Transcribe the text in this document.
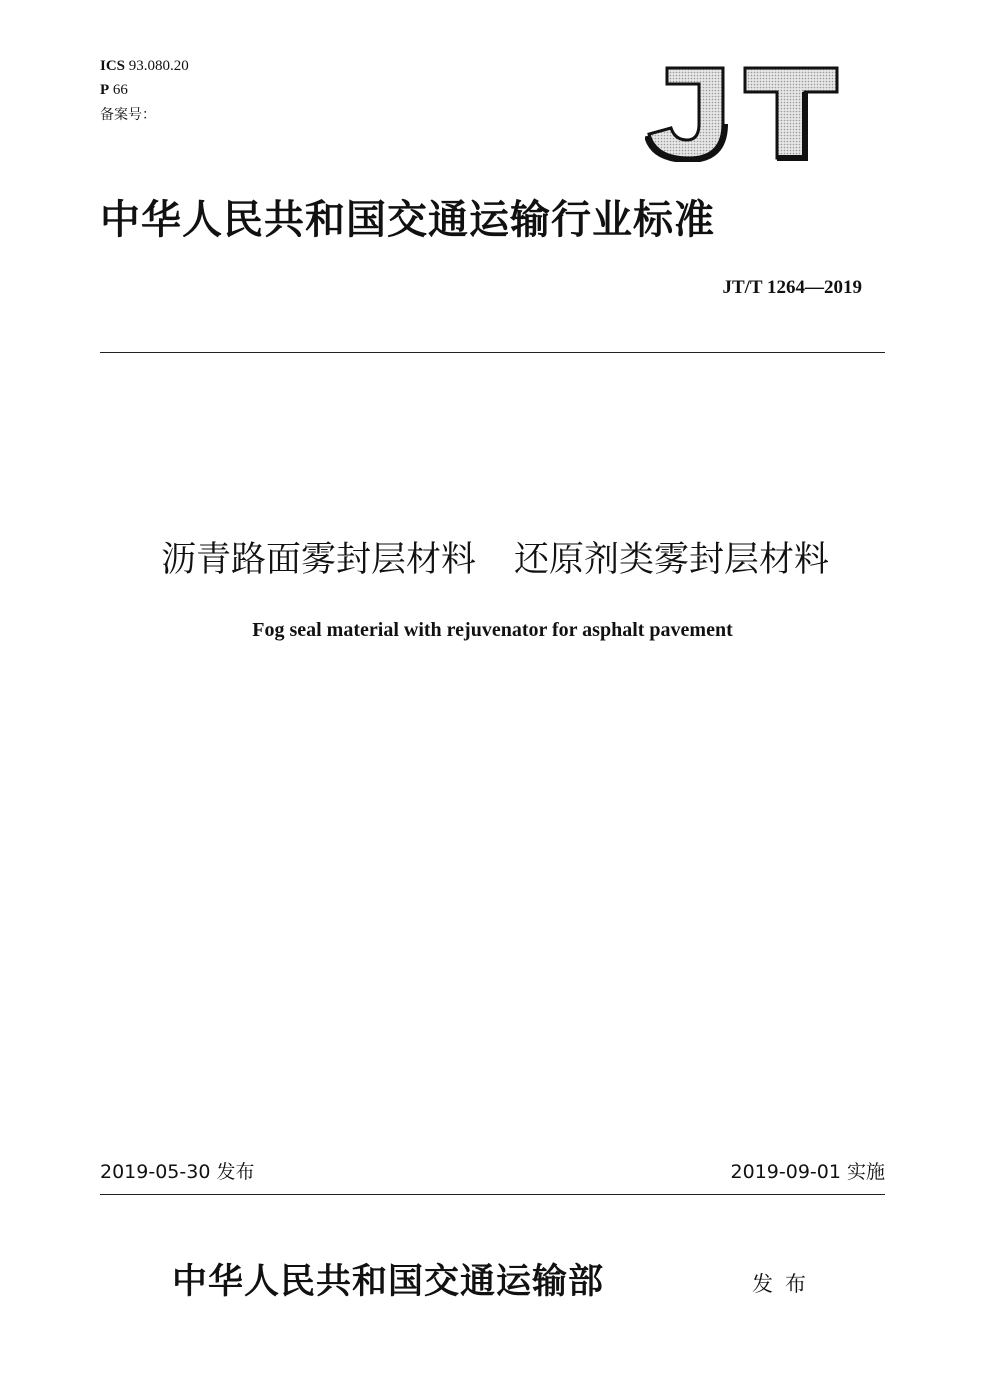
ICS 93.080.20
P 66
备案号：
中华人民共和国交通运输行业标准
JT/T 1264—2019
沥青路面雾封层材料 还原剂类雾封层材料
Fog seal material with rejuvenator for asphalt pavement
2019-05-30 发布	2019-09-01 实施
中华人民共和国交通运输部	发布
